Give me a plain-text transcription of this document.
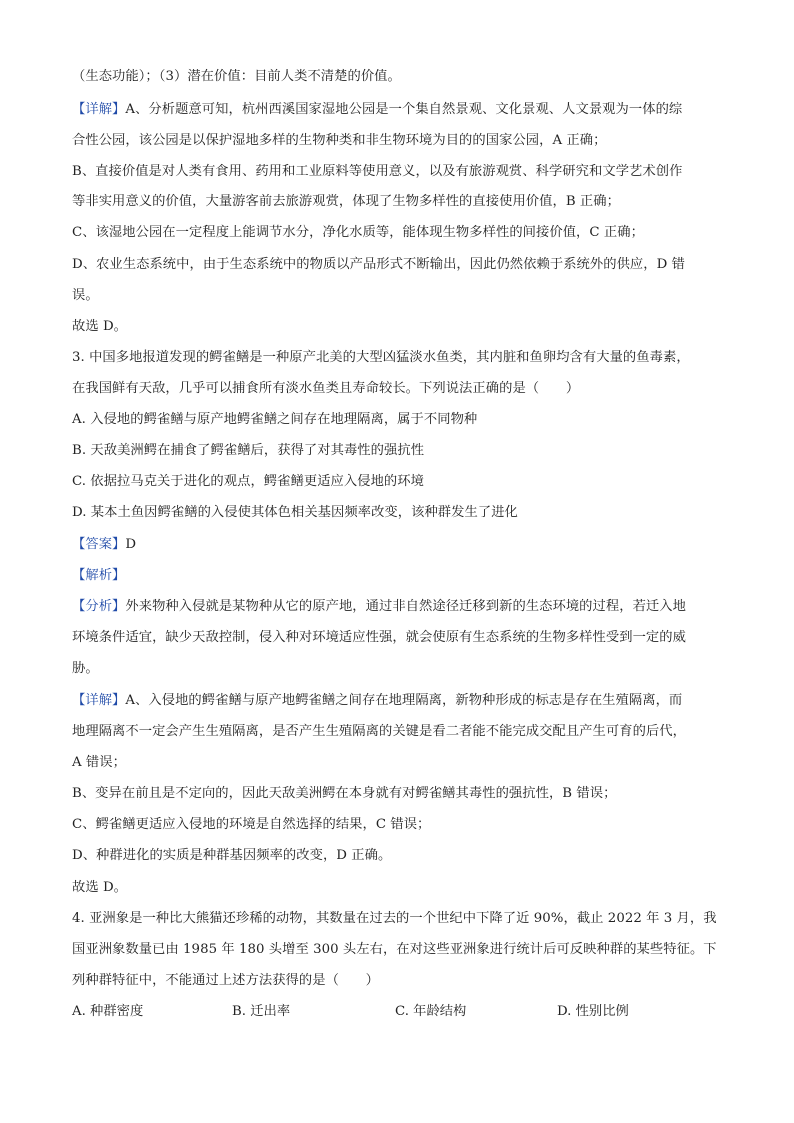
（生态功能）；（3）潜在价值：目前人类不清楚的价值。
【详解】A、分析题意可知，杭州西溪国家湿地公园是一个集自然景观、文化景观、人文景观为一体的综
合性公园，该公园是以保护湿地多样的生物种类和非生物环境为目的的国家公园，A 正确；
B、直接价值是对人类有食用、药用和工业原料等使用意义，以及有旅游观赏、科学研究和文学艺术创作
等非实用意义的价值，大量游客前去旅游观赏，体现了生物多样性的直接使用价值，B 正确；
C、该湿地公园在一定程度上能调节水分，净化水质等，能体现生物多样性的间接价值，C 正确；
D、农业生态系统中，由于生态系统中的物质以产品形式不断输出，因此仍然依赖于系统外的供应，D 错
误。
故选 D。
3. 中国多地报道发现的鳄雀鳝是一种原产北美的大型凶猛淡水鱼类，其内脏和鱼卵均含有大量的鱼毒素，
在我国鲜有天敌，几乎可以捕食所有淡水鱼类且寿命较长。下列说法正确的是（　　）
A. 入侵地的鳄雀鳝与原产地鳄雀鳝之间存在地理隔离，属于不同物种
B. 天敌美洲鳄在捕食了鳄雀鳝后，获得了对其毒性的强抗性
C. 依据拉马克关于进化的观点，鳄雀鳝更适应入侵地的环境
D. 某本土鱼因鳄雀鳝的入侵使其体色相关基因频率改变，该种群发生了进化
【答案】D
【解析】
【分析】外来物种入侵就是某物种从它的原产地，通过非自然途径迁移到新的生态环境的过程，若迁入地
环境条件适宜，缺少天敌控制，侵入种对环境适应性强，就会使原有生态系统的生物多样性受到一定的威
胁。
【详解】A、入侵地的鳄雀鳝与原产地鳄雀鳝之间存在地理隔离，新物种形成的标志是存在生殖隔离，而
地理隔离不一定会产生生殖隔离，是否产生生殖隔离的关键是看二者能不能完成交配且产生可育的后代，
A 错误；
B、变异在前且是不定向的，因此天敌美洲鳄在本身就有对鳄雀鳝其毒性的强抗性，B 错误；
C、鳄雀鳝更适应入侵地的环境是自然选择的结果，C 错误；
D、种群进化的实质是种群基因频率的改变，D 正确。
故选 D。
4. 亚洲象是一种比大熊猫还珍稀的动物，其数量在过去的一个世纪中下降了近 90%，截止 2022 年 3 月，我
国亚洲象数量已由 1985 年 180 头增至 300 头左右，在对这些亚洲象进行统计后可反映种群的某些特征。下
列种群特征中，不能通过上述方法获得的是（　　）
A. 种群密度	B. 迁出率	C. 年龄结构	D. 性别比例
